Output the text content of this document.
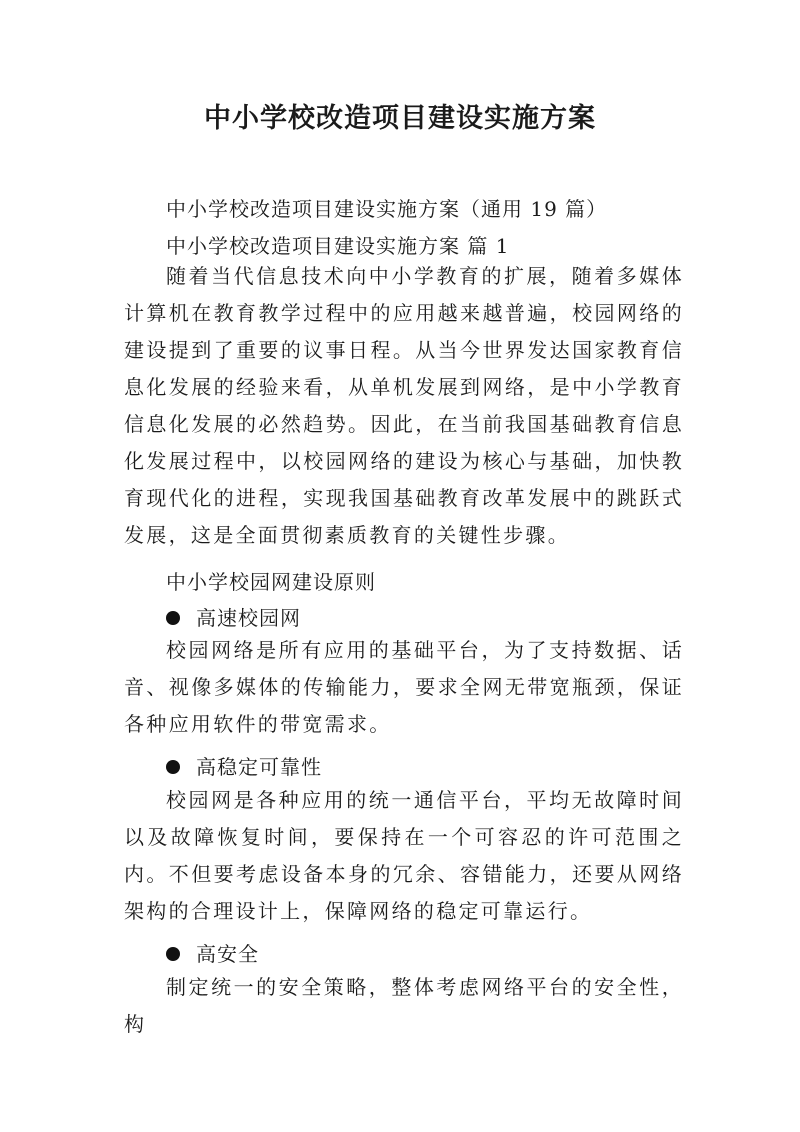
中小学校改造项目建设实施方案
中小学校改造项目建设实施方案（通用 19 篇）
中小学校改造项目建设实施方案 篇 1

随着当代信息技术向中小学教育的扩展，随着多媒体计算机在教育教学过程中的应用越来越普遍，校园网络的建设提到了重要的议事日程。从当今世界发达国家教育信息化发展的经验来看，从单机发展到网络，是中小学教育信息化发展的必然趋势。因此，在当前我国基础教育信息化发展过程中，以校园网络的建设为核心与基础，加快教育现代化的进程，实现我国基础教育改革发展中的跳跃式发展，这是全面贯彻素质教育的关键性步骤。

中小学校园网建设原则
高速校园网

校园网络是所有应用的基础平台，为了支持数据、话音、视像多媒体的传输能力，要求全网无带宽瓶颈，保证各种应用软件的带宽需求。

高稳定可靠性

校园网是各种应用的统一通信平台，平均无故障时间以及故障恢复时间，要保持在一个可容忍的许可范围之内。不但要考虑设备本身的冗余、容错能力，还要从网络架构的合理设计上，保障网络的稳定可靠运行。

高安全

制定统一的安全策略，整体考虑网络平台的安全性，构
